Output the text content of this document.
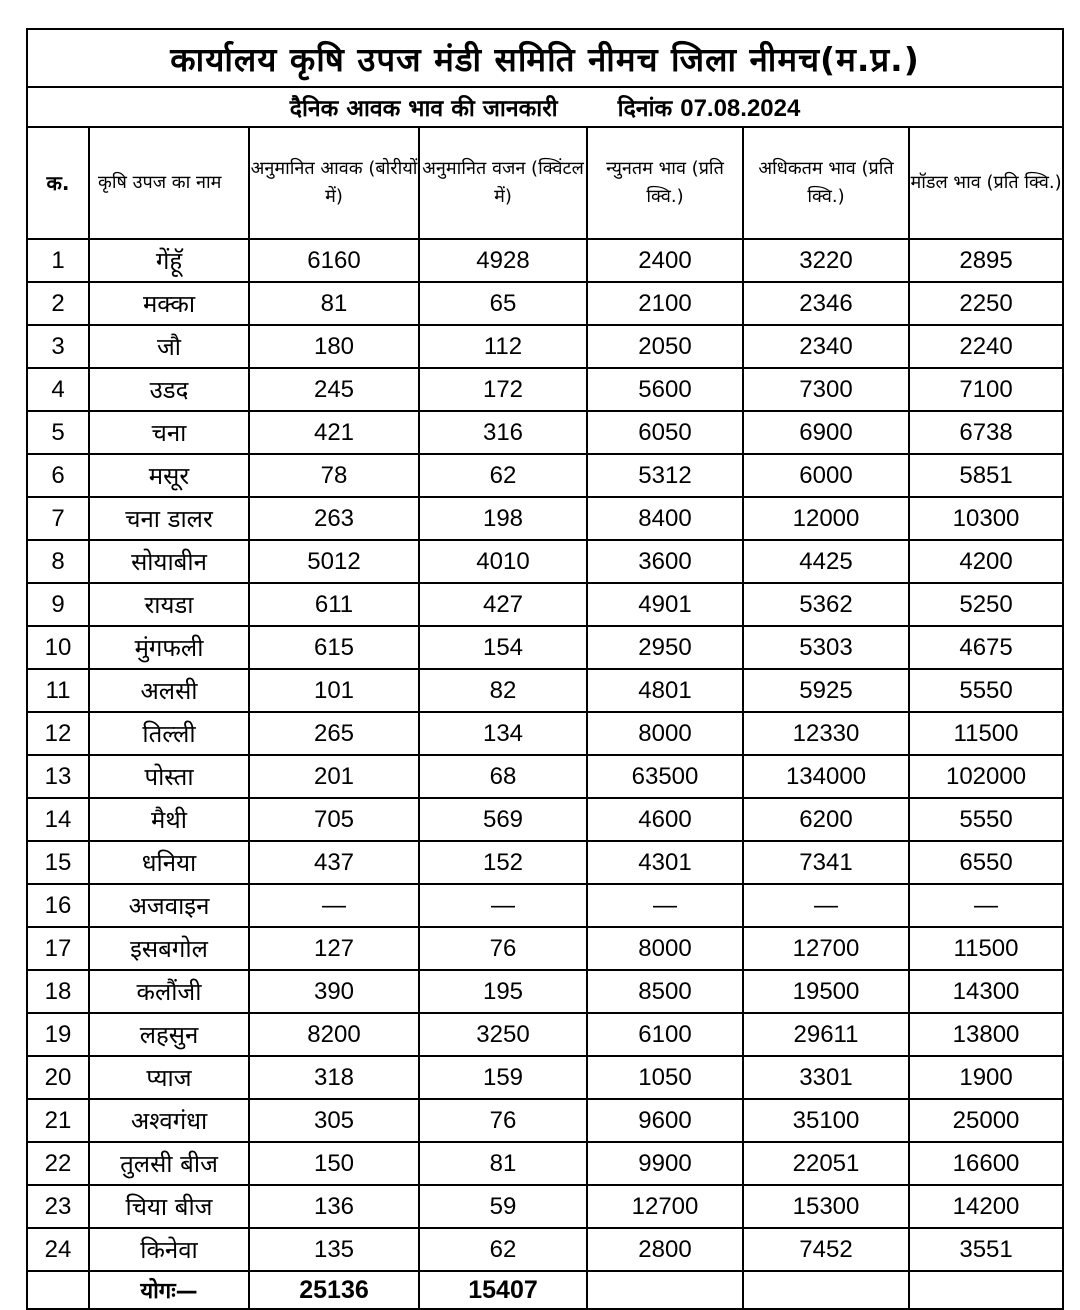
कार्यालय कृषि उपज मंडी समिति नीमच जिला नीमच(म.प्र.)						
दैनिक आवक भाव की जानकारी दिनांक 07.08.2024						
क.	कृषि उपज का नाम	अनुमानित आवक (बोरीयों में)	अनुमानित वजन (क्विंटल में)	न्युनतम भाव (प्रति क्वि.)	अधिकतम भाव (प्रति क्वि.)	मॉडल भाव (प्रति क्वि.)
1	गेंहूॅ	6160	4928	2400	3220	2895
2	मक्का	81	65	2100	2346	2250
3	जौ	180	112	2050	2340	2240
4	उडद	245	172	5600	7300	7100
5	चना	421	316	6050	6900	6738
6	मसूर	78	62	5312	6000	5851
7	चना डालर	263	198	8400	12000	10300
8	सोयाबीन	5012	4010	3600	4425	4200
9	रायडा	611	427	4901	5362	5250
10	मुंगफली	615	154	2950	5303	4675
11	अलसी	101	82	4801	5925	5550
12	तिल्ली	265	134	8000	12330	11500
13	पोस्ता	201	68	63500	134000	102000
14	मैथी	705	569	4600	6200	5550
15	धनिया	437	152	4301	7341	6550
16	अजवाइन	—	—	—	—	—
17	इसबगोल	127	76	8000	12700	11500
18	कलौंजी	390	195	8500	19500	14300
19	लहसुन	8200	3250	6100	29611	13800
20	प्याज	318	159	1050	3301	1900
21	अश्वगंधा	305	76	9600	35100	25000
22	तुलसी बीज	150	81	9900	22051	16600
23	चिया बीज	136	59	12700	15300	14200
24	किनेवा	135	62	2800	7452	3551
	योगः—	25136	15407			
